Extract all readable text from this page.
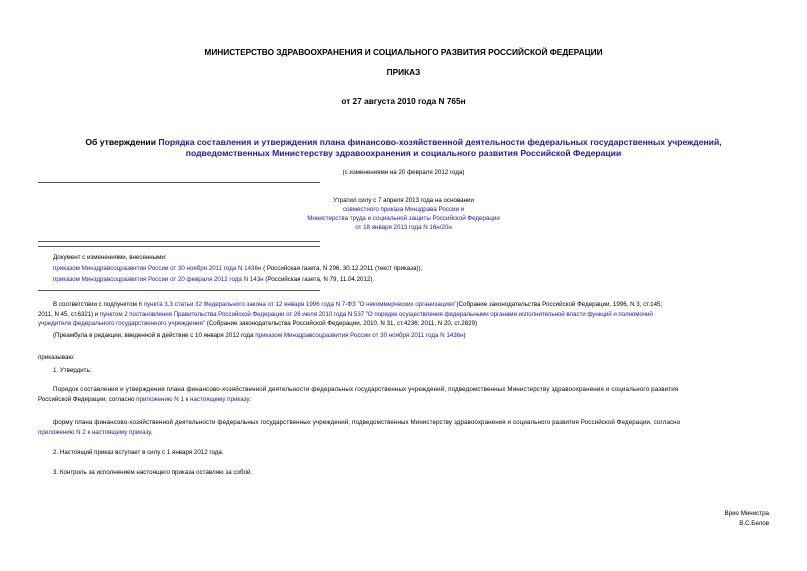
МИНИСТЕРСТВО ЗДРАВООХРАНЕНИЯ И СОЦИАЛЬНОГО РАЗВИТИЯ РОССИЙСКОЙ ФЕДЕРАЦИИ
ПРИКАЗ
от 27 августа 2010 года N 765н
Об утверждении Порядка составления и утверждения плана финансово-хозяйственной деятельности федеральных государственных учреждений,
подведомственных Министерству здравоохранения и социального развития Российской Федерации
(с изменениями на 20 февраля 2012 года)
Утратил силу с 7 апреля 2013 года на основании
совместного приказа Минздрава России и
Министерства труда и социальной защиты Российской Федерации
от 18 января 2013 года N 16н/20н
Документ с изменениями, внесенными:
приказом Минздравсоцразвития России от 30 ноября 2011 года N 1436н ( Российская газета, N 296, 30.12.2011 (текст приказа));
приказом Минздравсоцразвития России от 20 февраля 2012 года N 143н (Российская газета, N 79, 11.04.2012).
В соответствии с подпунктом 6 пункта 3.3 статьи 32 Федерального закона от 12 января 1996 года N 7-ФЗ "О некоммерческих организациях"(Собрание законодательства Российской Федерации, 1996, N 3, ст.145;
2011, N 45, ст.6321) и пунктом 2 постановления Правительства Российской Федерации от 26 июля 2010 года N 537 "О порядке осуществления федеральными органами исполнительной власти функций и полномочий
учредителя федерального государственного учреждения" (Собрание законодательства Российской Федерации, 2010, N 31, ст.4236; 2011, N 20, ст.2829)
(Преамбула в редакции, введенной в действие с 10 января 2012 года приказом Минздравсоцразвития России от 30 ноября 2011 года N 1436н)
приказываю:
1. Утвердить:
Порядок составления и утверждения плана финансово-хозяйственной деятельности федеральных государственных учреждений, подведомственных Министерству здравоохранения и социального развития
Российской Федерации, согласно приложению N 1 к настоящему приказу;
форму плана финансово-хозяйственной деятельности федеральных государственных учреждений, подведомственных Министерству здравоохранения и социального развития Российской Федерации, согласно
приложению N 2 к настоящему приказу.
2. Настоящий приказ вступает в силу с 1 января 2012 года.
3. Контроль за исполнением настоящего приказа оставляю за собой.
Врио Министра
В.С.Белов
